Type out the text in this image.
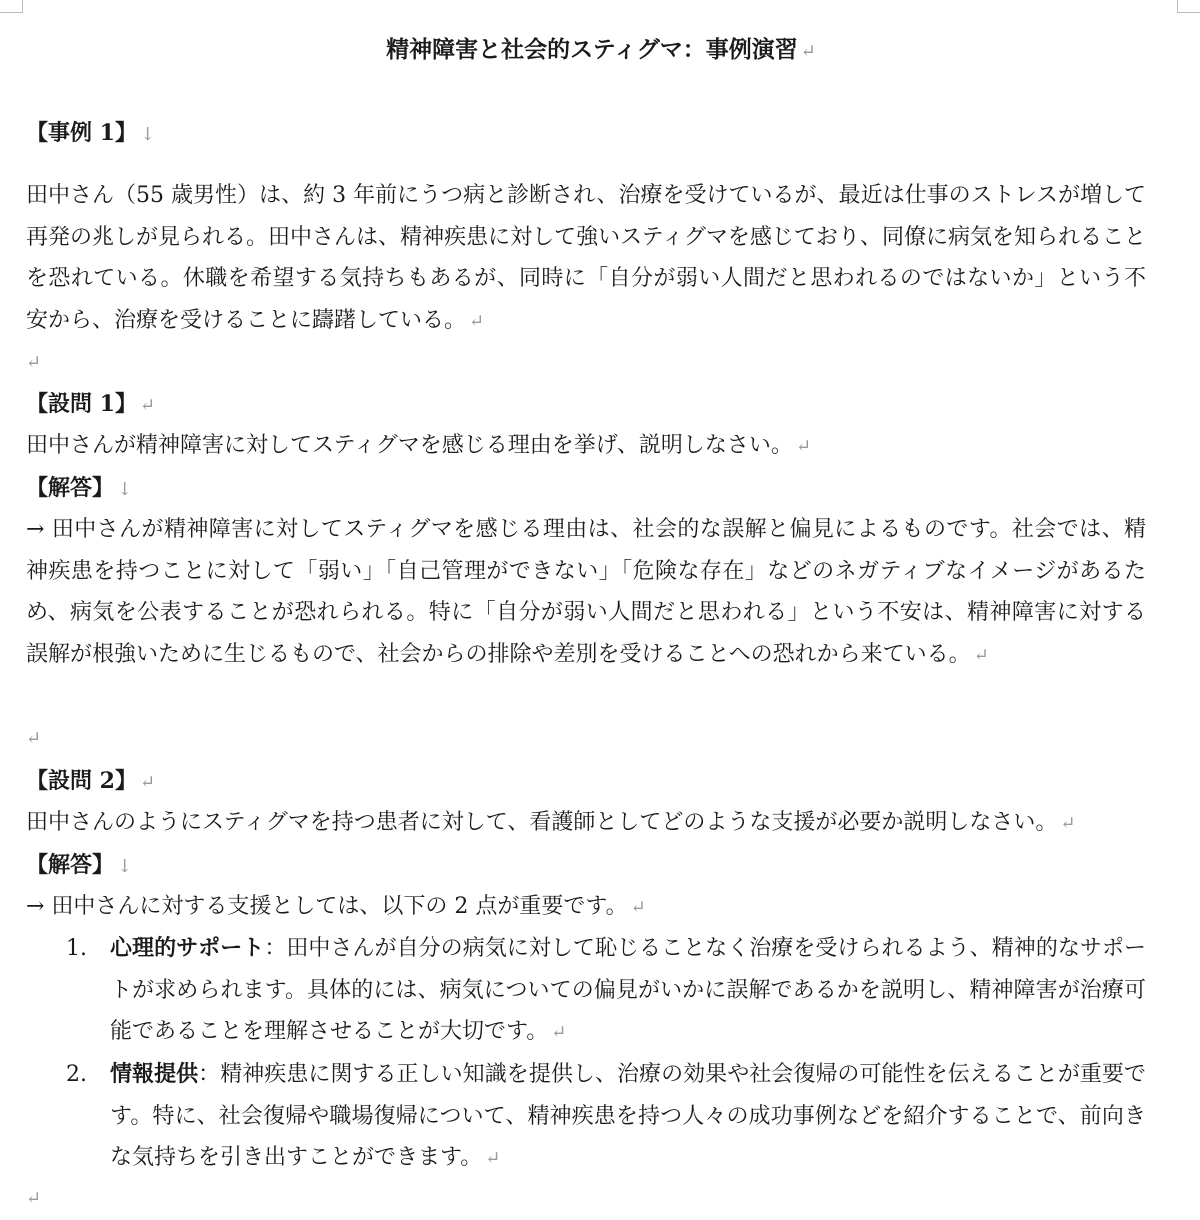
精神障害と社会的スティグマ：事例演習 ↵
【事例 1】 ↓
田中さん（55 歳男性）は、約 3 年前にうつ病と診断され、治療を受けているが、最近は仕事のストレスが増して再発の兆しが見られる。田中さんは、精神疾患に対して強いスティグマを感じており、同僚に病気を知られることを恐れている。休職を希望する気持ちもあるが、同時に「自分が弱い人間だと思われるのではないか」という不安から、治療を受けることに躊躇している。 ↵
↵
【設問 1】 ↵
田中さんが精神障害に対してスティグマを感じる理由を挙げ、説明しなさい。 ↵
【解答】 ↓
→ 田中さんが精神障害に対してスティグマを感じる理由は、社会的な誤解と偏見によるものです。社会では、精神疾患を持つことに対して「弱い」「自己管理ができない」「危険な存在」などのネガティブなイメージがあるため、病気を公表することが恐れられる。特に「自分が弱い人間だと思われる」という不安は、精神障害に対する誤解が根強いために生じるもので、社会からの排除や差別を受けることへの恐れから来ている。 ↵
↵
【設問 2】 ↵
田中さんのようにスティグマを持つ患者に対して、看護師としてどのような支援が必要か説明しなさい。 ↵
【解答】 ↓
→ 田中さんに対する支援としては、以下の 2 点が重要です。 ↵
1.	心理的サポート：田中さんが自分の病気に対して恥じることなく治療を受けられるよう、精神的なサポートが求められます。具体的には、病気についての偏見がいかに誤解であるかを説明し、精神障害が治療可能であることを理解させることが大切です。 ↵
2.	情報提供：精神疾患に関する正しい知識を提供し、治療の効果や社会復帰の可能性を伝えることが重要です。特に、社会復帰や職場復帰について、精神疾患を持つ人々の成功事例などを紹介することで、前向きな気持ちを引き出すことができます。 ↵
↵
